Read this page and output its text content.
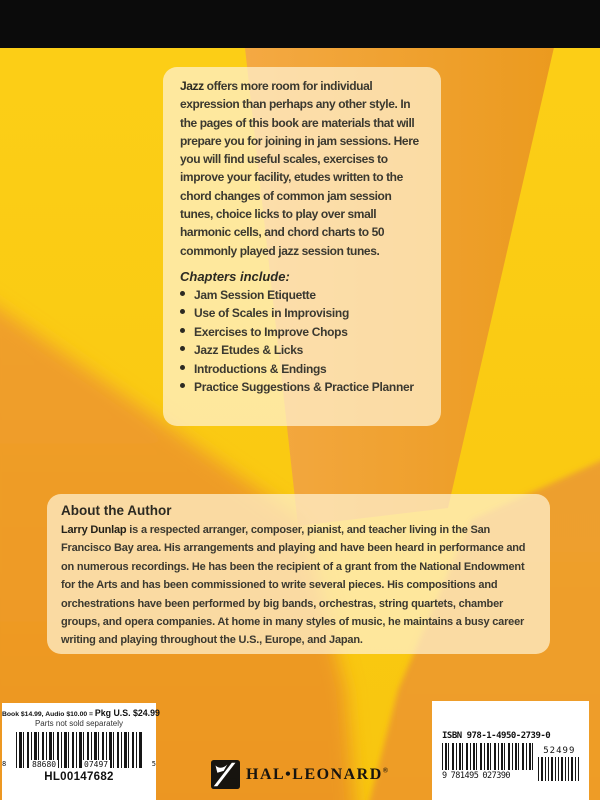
Jazz offers more room for individual expression than perhaps any other style. In the pages of this book are materials that will prepare you for joining in jam sessions. Here you will find useful scales, exercises to improve your facility, etudes written to the chord changes of common jam session tunes, choice licks to play over small harmonic cells, and chord charts to 50 commonly played jazz session tunes.

Chapters include:

Jam Session Etiquette
Use of Scales in Improvising
Exercises to Improve Chops
Jazz Etudes & Licks
Introductions & Endings
Practice Suggestions & Practice Planner
About the Author

Larry Dunlap is a respected arranger, composer, pianist, and teacher living in the San Francisco Bay area. His arrangements and playing and have been heard in performance and on numerous recordings. He has been the recipient of a grant from the National Endowment for the Arts and has been commissioned to write several pieces. His compositions and orchestrations have been performed by big bands, orchestras, string quartets, chamber groups, and opera companies. At home in many styles of music, he maintains a busy career writing and playing throughout the U.S., Europe, and Japan.

Book $14.99, Audio $10.00 = Pkg U.S. $24.99
Parts not sold separately
8	88680	07497	5
HL00147682	HAL•LEONARD®
ISBN 978-1-4950-2739-0
9 781495 027390
52499
